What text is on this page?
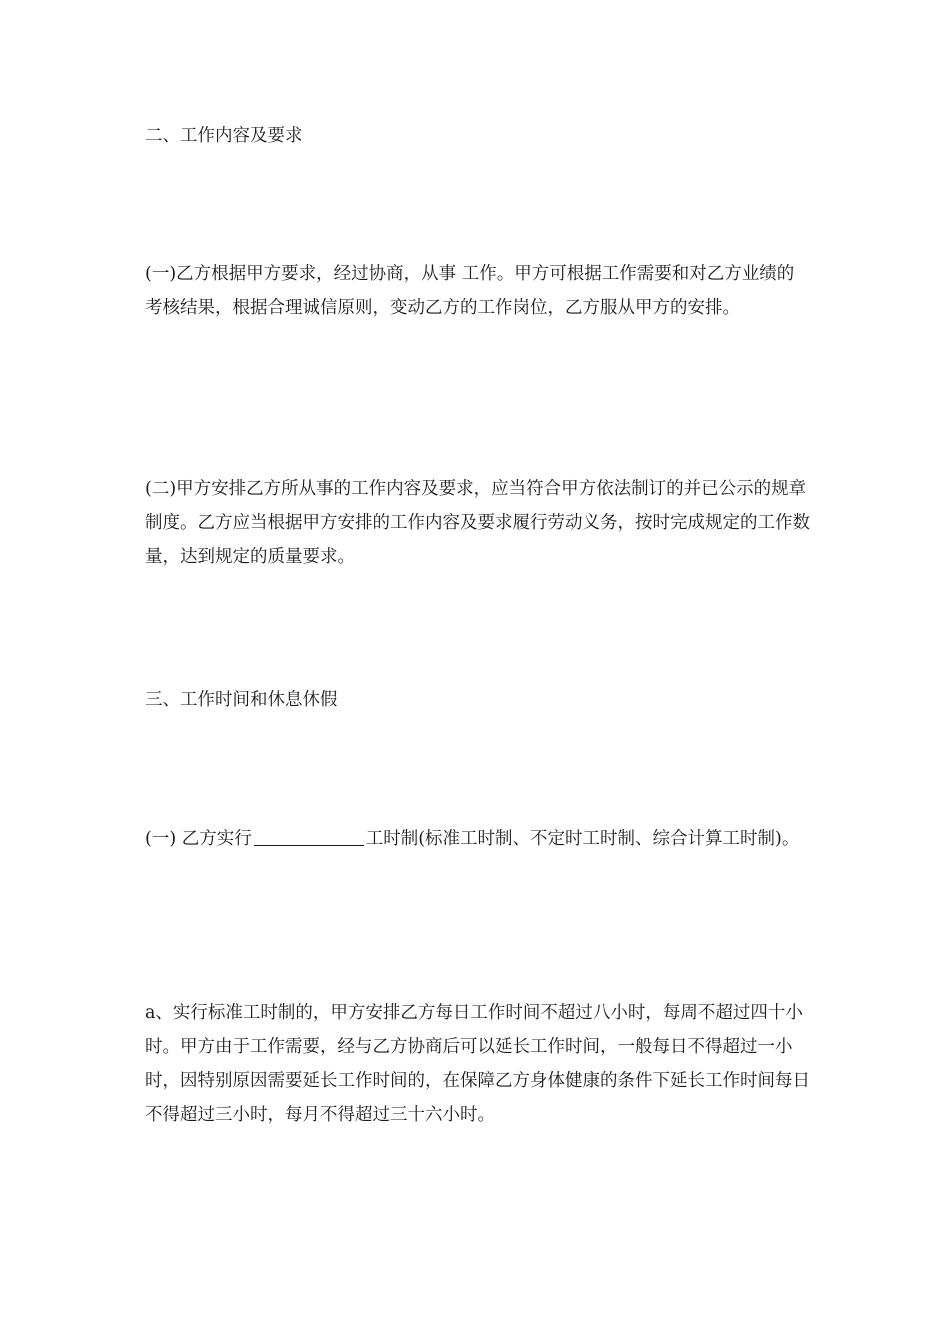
二、工作内容及要求
(一)乙方根据甲方要求，经过协商，从事 工作。甲方可根据工作需要和对乙方业绩的考核结果，根据合理诚信原则，变动乙方的工作岗位，乙方服从甲方的安排。
(二)甲方安排乙方所从事的工作内容及要求，应当符合甲方依法制订的并已公示的规章制度。乙方应当根据甲方安排的工作内容及要求履行劳动义务，按时完成规定的工作数量，达到规定的质量要求。
三、工作时间和休息休假
(一) 乙方实行	工时制(标准工时制、不定时工时制、综合计算工时制)。
a、实行标准工时制的，甲方安排乙方每日工作时间不超过八小时，每周不超过四十小时。甲方由于工作需要，经与乙方协商后可以延长工作时间，一般每日不得超过一小时，因特别原因需要延长工作时间的，在保障乙方身体健康的条件下延长工作时间每日不得超过三小时，每月不得超过三十六小时。
